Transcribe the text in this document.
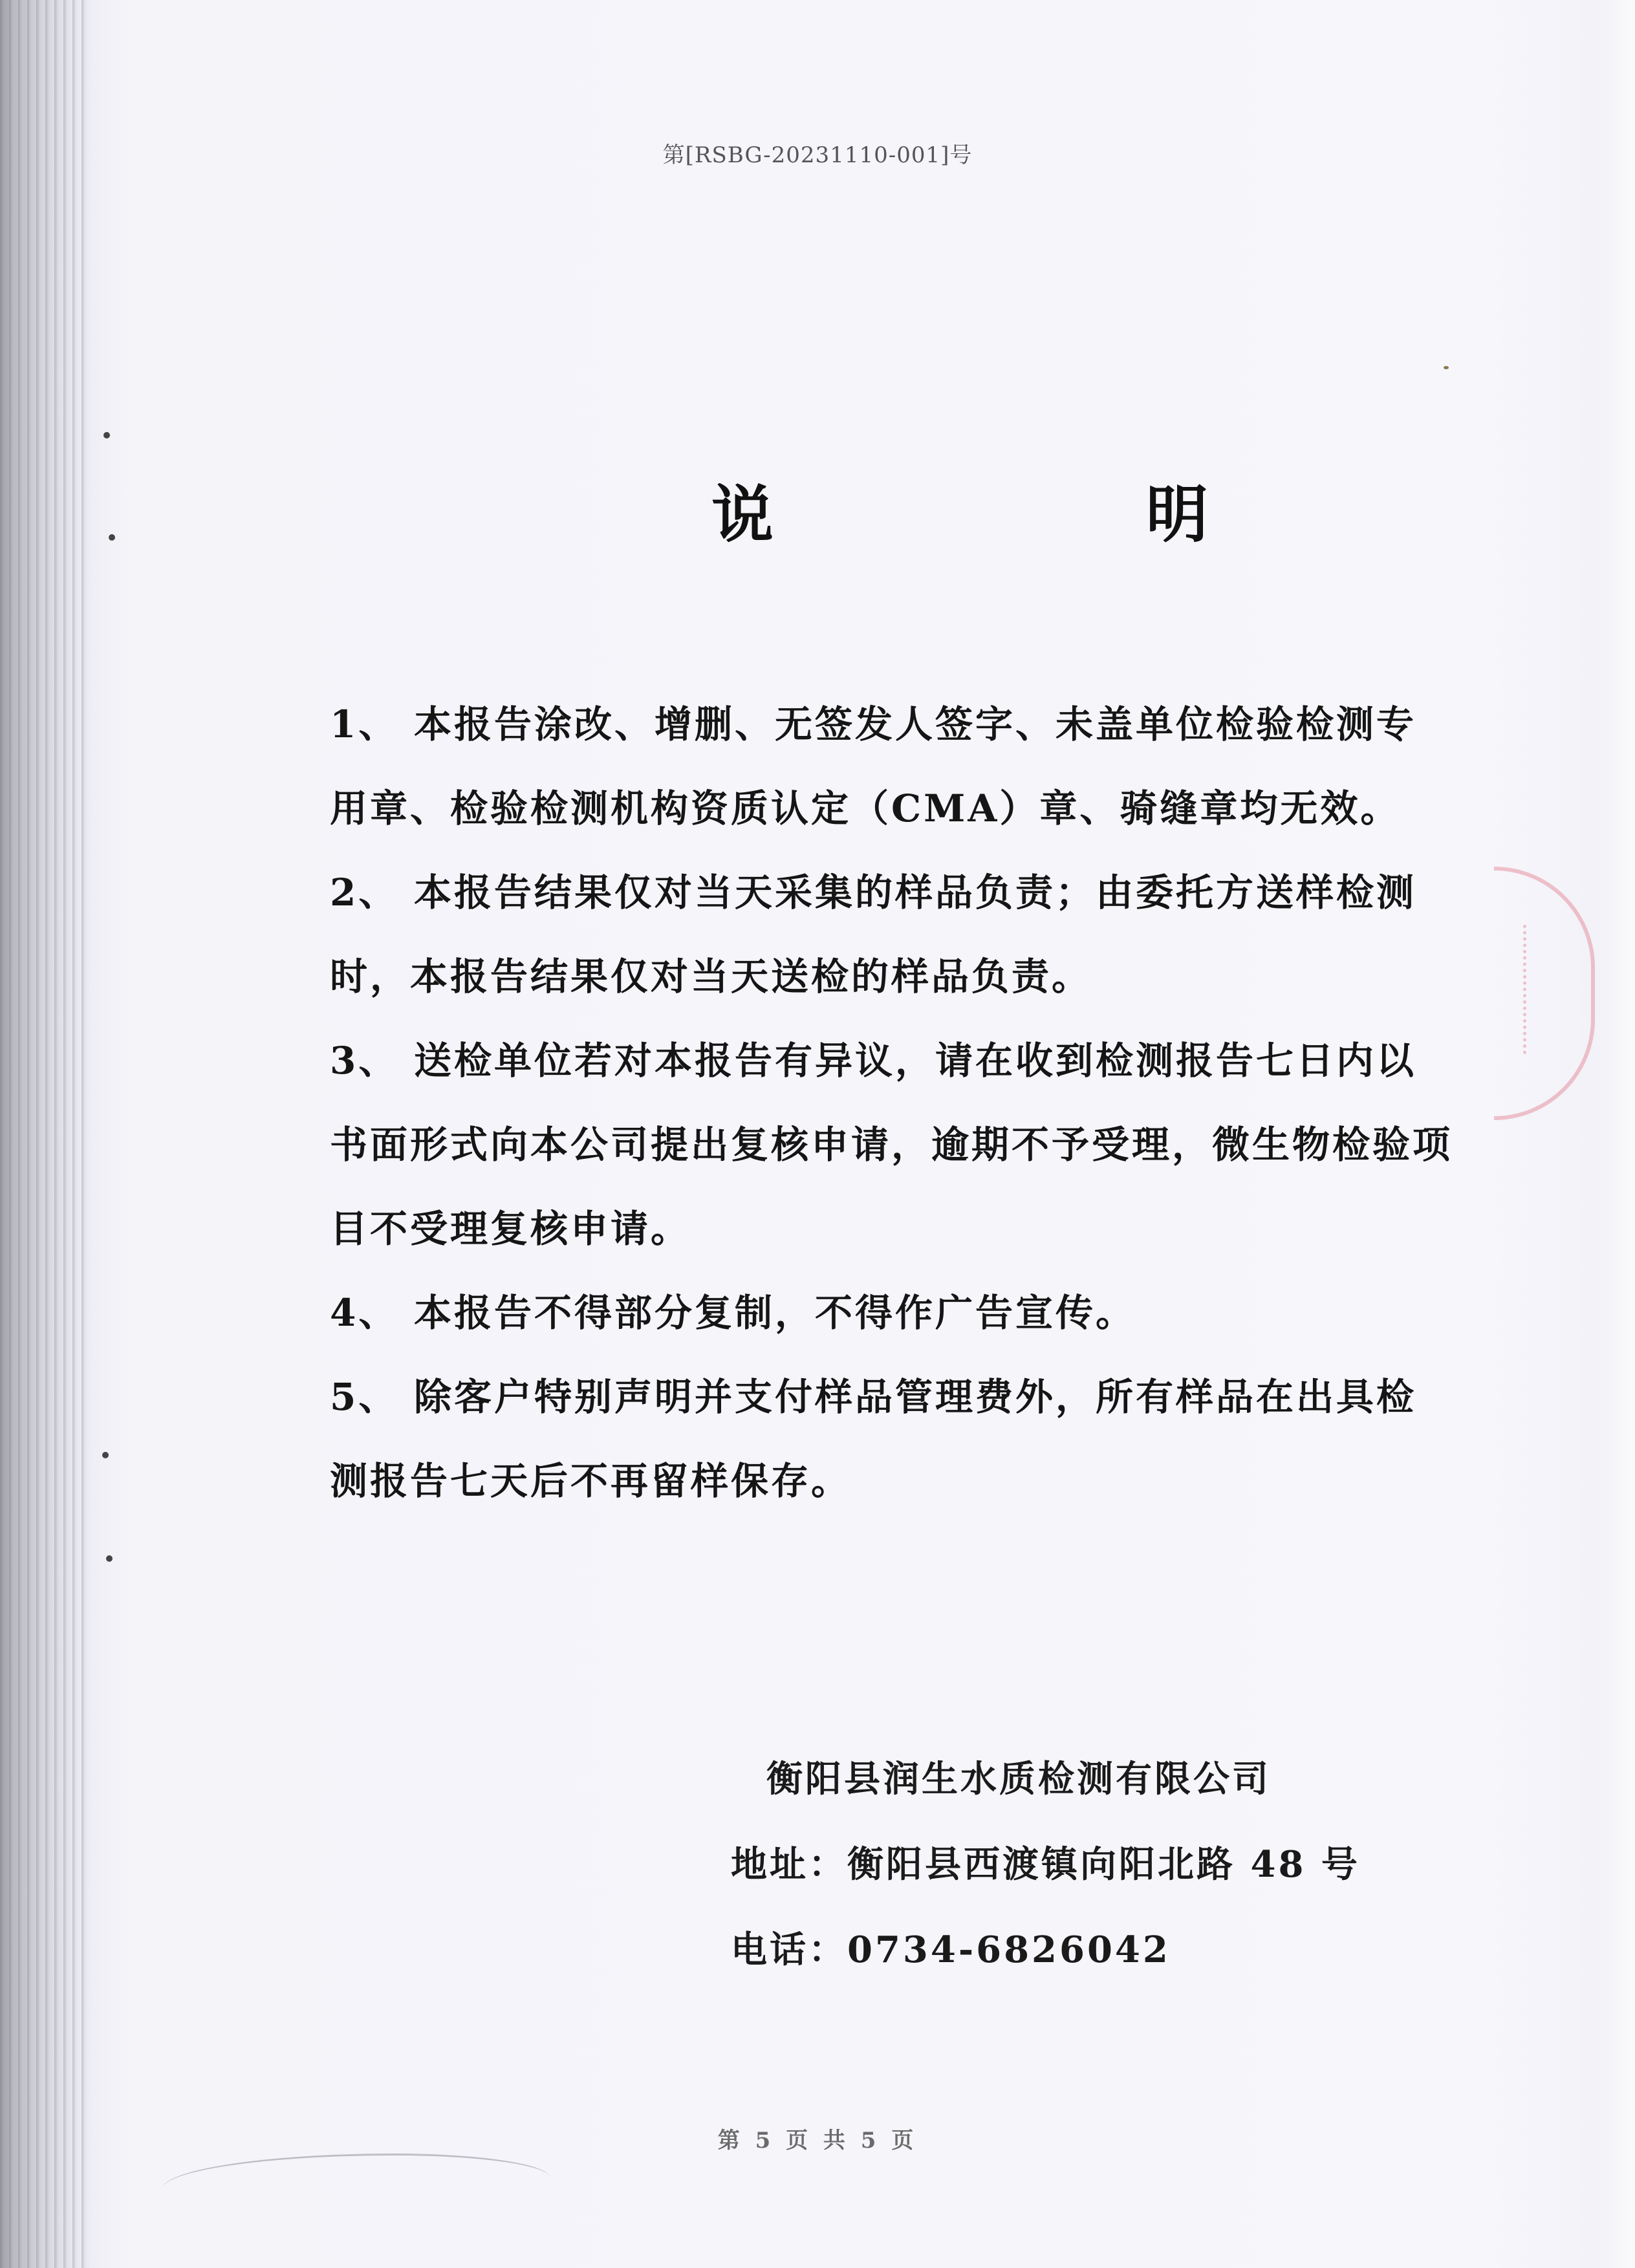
第[RSBG-20231110-001]号
说　明

1、 本报告涂改、增删、无签发人签字、未盖单位检验检测专用章、检验检测机构资质认定（CMA）章、骑缝章均无效。

2、 本报告结果仅对当天采集的样品负责；由委托方送样检测时，本报告结果仅对当天送检的样品负责。

3、 送检单位若对本报告有异议，请在收到检测报告七日内以书面形式向本公司提出复核申请，逾期不予受理，微生物检验项目不受理复核申请。

4、 本报告不得部分复制，不得作广告宣传。

5、 除客户特别声明并支付样品管理费外，所有样品在出具检测报告七天后不再留样保存。

衡阳县润生水质检测有限公司
地址：衡阳县西渡镇向阳北路 48 号
电话：0734-6826042
第 5 页 共 5 页
